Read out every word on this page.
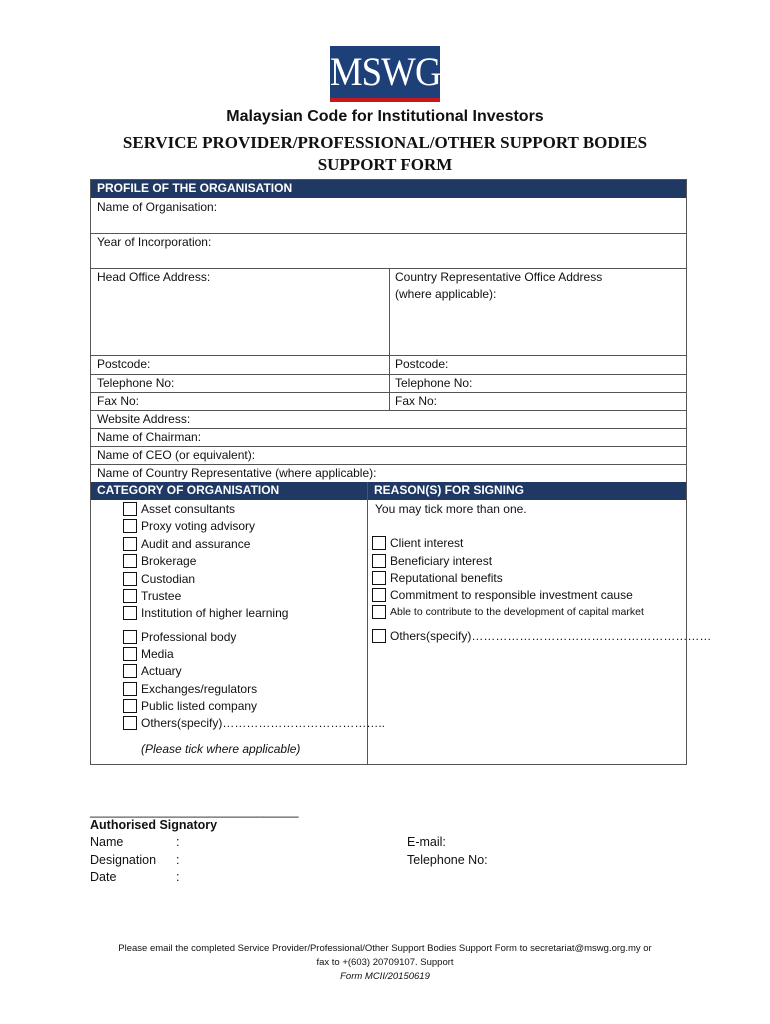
MSWG
Malaysian Code for Institutional Investors
SERVICE PROVIDER/PROFESSIONAL/OTHER SUPPORT BODIES
SUPPORT FORM
PROFILE OF THE ORGANISATION
Name of Organisation:
Year of Incorporation:
Head Office Address:	Country Representative Office Address
(where applicable):
Postcode:	Postcode:
Telephone No:	Telephone No:
Fax No:	Fax No:
Website Address:
Name of Chairman:
Name of CEO (or equivalent):
Name of Country Representative (where applicable):
CATEGORY OF ORGANISATION	REASON(S) FOR SIGNING
Asset consultants
Proxy voting advisory
Audit and assurance
Brokerage
Custodian
Trustee
Institution of higher learning
Professional body
Media
Actuary
Exchanges/regulators
Public listed company
Others(specify)…………………………………..
(Please tick where applicable)
You may tick more than one.
Client interest
Beneficiary interest
Reputational benefits
Commitment to responsible investment cause
Able to contribute to the development of capital market
Others(specify)……………………………………………………
______________________________
Authorised Signatory
Name	:
Designation :
Date	:
E-mail:
Telephone No:
Please email the completed Service Provider/Professional/Other Support Bodies Support Form to secretariat@mswg.org.my or
fax to +(603) 20709107. Support
Form MCII/20150619
